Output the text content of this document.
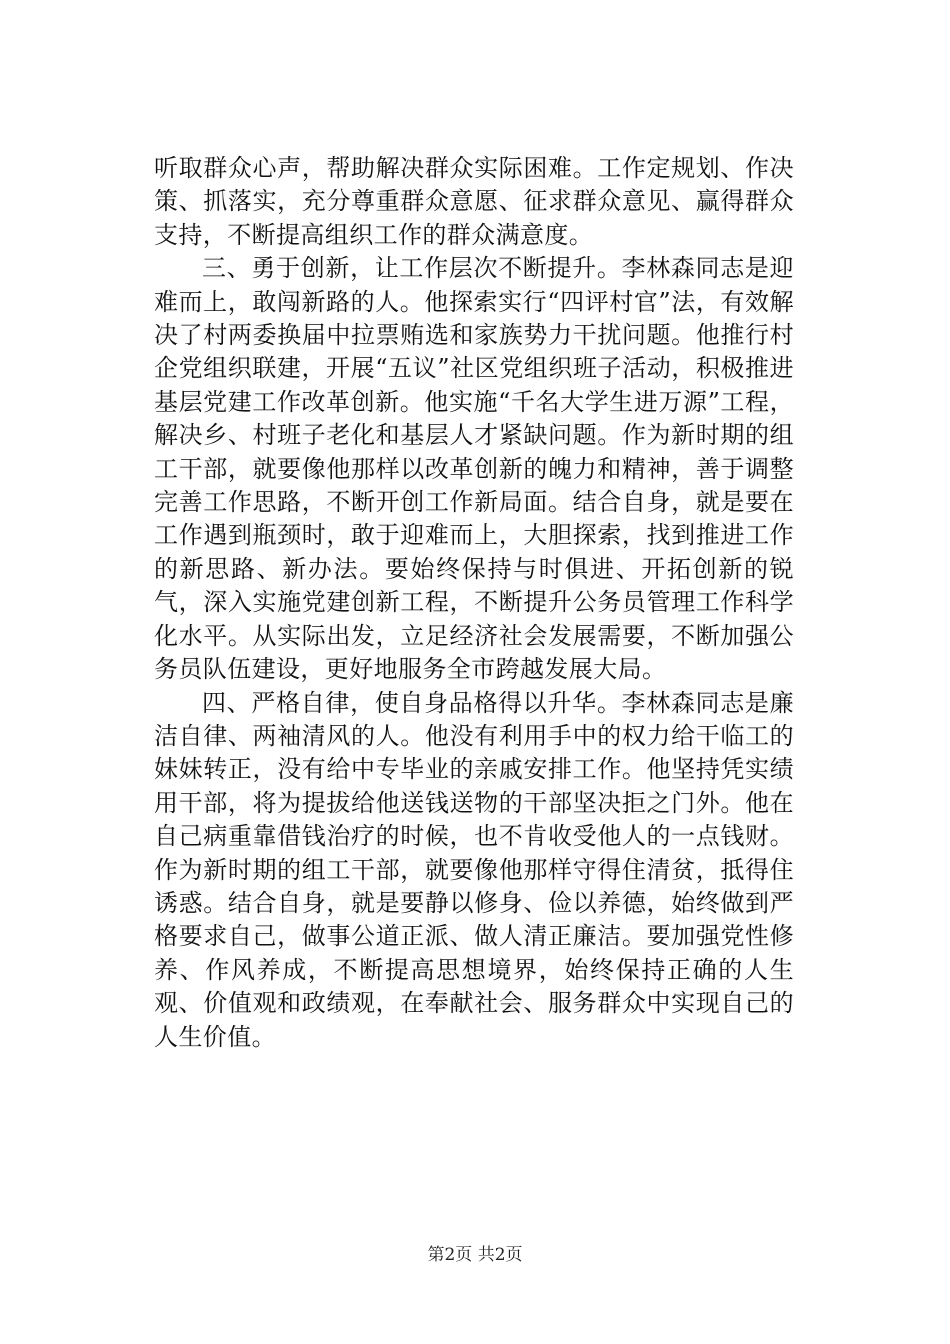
听取群众心声，帮助解决群众实际困难。工作定规划、作决策、抓落实，充分尊重群众意愿、征求群众意见、赢得群众支持，不断提高组织工作的群众满意度。

三、勇于创新，让工作层次不断提升。李林森同志是迎难而上，敢闯新路的人。他探索实行“四评村官”法，有效解决了村两委换届中拉票贿选和家族势力干扰问题。他推行村企党组织联建，开展“五议”社区党组织班子活动，积极推进基层党建工作改革创新。他实施“千名大学生进万源”工程，解决乡、村班子老化和基层人才紧缺问题。作为新时期的组工干部，就要像他那样以改革创新的魄力和精神，善于调整完善工作思路，不断开创工作新局面。结合自身，就是要在工作遇到瓶颈时，敢于迎难而上，大胆探索，找到推进工作的新思路、新办法。要始终保持与时俱进、开拓创新的锐气，深入实施党建创新工程，不断提升公务员管理工作科学化水平。从实际出发，立足经济社会发展需要，不断加强公务员队伍建设，更好地服务全市跨越发展大局。

四、严格自律，使自身品格得以升华。李林森同志是廉洁自律、两袖清风的人。他没有利用手中的权力给干临工的妹妹转正，没有给中专毕业的亲戚安排工作。他坚持凭实绩用干部，将为提拔给他送钱送物的干部坚决拒之门外。他在自己病重靠借钱治疗的时候，也不肯收受他人的一点钱财。作为新时期的组工干部，就要像他那样守得住清贫，抵得住诱惑。结合自身，就是要静以修身、俭以养德，始终做到严格要求自己，做事公道正派、做人清正廉洁。要加强党性修养、作风养成，不断提高思想境界，始终保持正确的人生观、价值观和政绩观，在奉献社会、服务群众中实现自己的人生价值。

第2页 共2页
